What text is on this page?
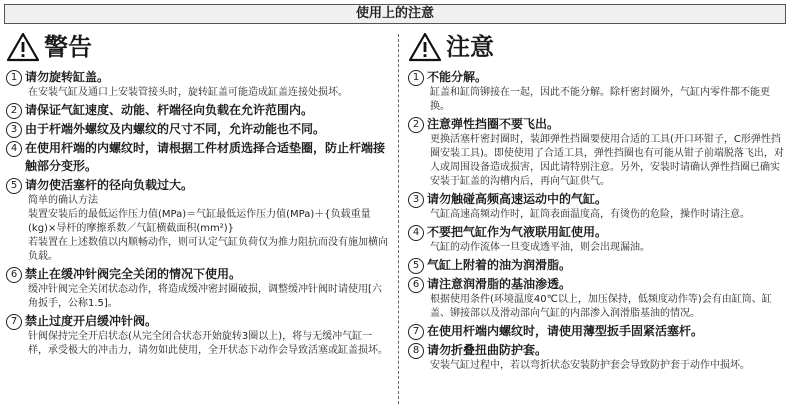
使用上的注意
警告
1 请勿旋转缸盖。
在安装气缸及通口上安装管接头时，旋转缸盖可能造成缸盖连接处损坏。
2 请保证气缸速度、动能、杆端径向负载在允许范围内。
3 由于杆端外螺纹及内螺纹的尺寸不同，允许动能也不同。
4 在使用杆端的内螺纹时，请根据工件材质选择合适垫圈，防止杆端接触部分变形。
5 请勿使活塞杆的径向负载过大。
简单的确认方法
装置安装后的最低运作压力值(MPa)＝气缸最低运作压力值(MPa)＋{负载重量(kg)×导杆的摩擦系数／气缸横截面积(mm²)}
若装置在上述数值以内顺畅动作，则可认定气缸负荷仅为推力阻抗而没有施加横向负载。
6 禁止在缓冲针阀完全关闭的情况下使用。
缓冲针阀完全关闭状态动作，将造成缓冲密封圈破损，调整缓冲针阀时请使用[六角扳手，公称1.5]。
7 禁止过度开启缓冲针阀。
针阀保持完全开启状态(从完全闭合状态开始旋转3圈以上)，将与无缓冲气缸一样，承受极大的冲击力，请勿如此使用，全开状态下动作会导致活塞或缸盖损坏。
注意
1 不能分解。
缸盖和缸筒铆接在一起，因此不能分解。除杆密封圈外，气缸内零件都不能更换。
2 注意弹性挡圈不要飞出。
更换活塞杆密封圈时，装卸弹性挡圈要使用合适的工具(开口环钳子，C形弹性挡圈安装工具)。即使使用了合适工具，弹性挡圈也有可能从钳子前端脱落飞出，对人或周围设备造成损害，因此请特别注意。另外，安装时请确认弹性挡圈已确实安装于缸盖的沟槽内后，再向气缸供气。
3 请勿触碰高频高速运动中的气缸。
气缸高速高频动作时，缸筒表面温度高，有烫伤的危险，操作时请注意。
4 不要把气缸作为气液联用缸使用。
气缸的动作流体一旦变成透平油，则会出现漏油。
5 气缸上附着的油为润滑脂。
6 请注意润滑脂的基油渗透。
根据使用条件(环境温度40℃以上，加压保持，低频度动作等)会有由缸筒、缸盖、铆接部以及滑动部向气缸的内部渗入润滑脂基油的情况。
7 在使用杆端内螺纹时，请使用薄型扳手固紧活塞杆。
8 请勿折叠扭曲防护套。
安装气缸过程中，若以弯折状态安装防护套会导致防护套于动作中损坏。
